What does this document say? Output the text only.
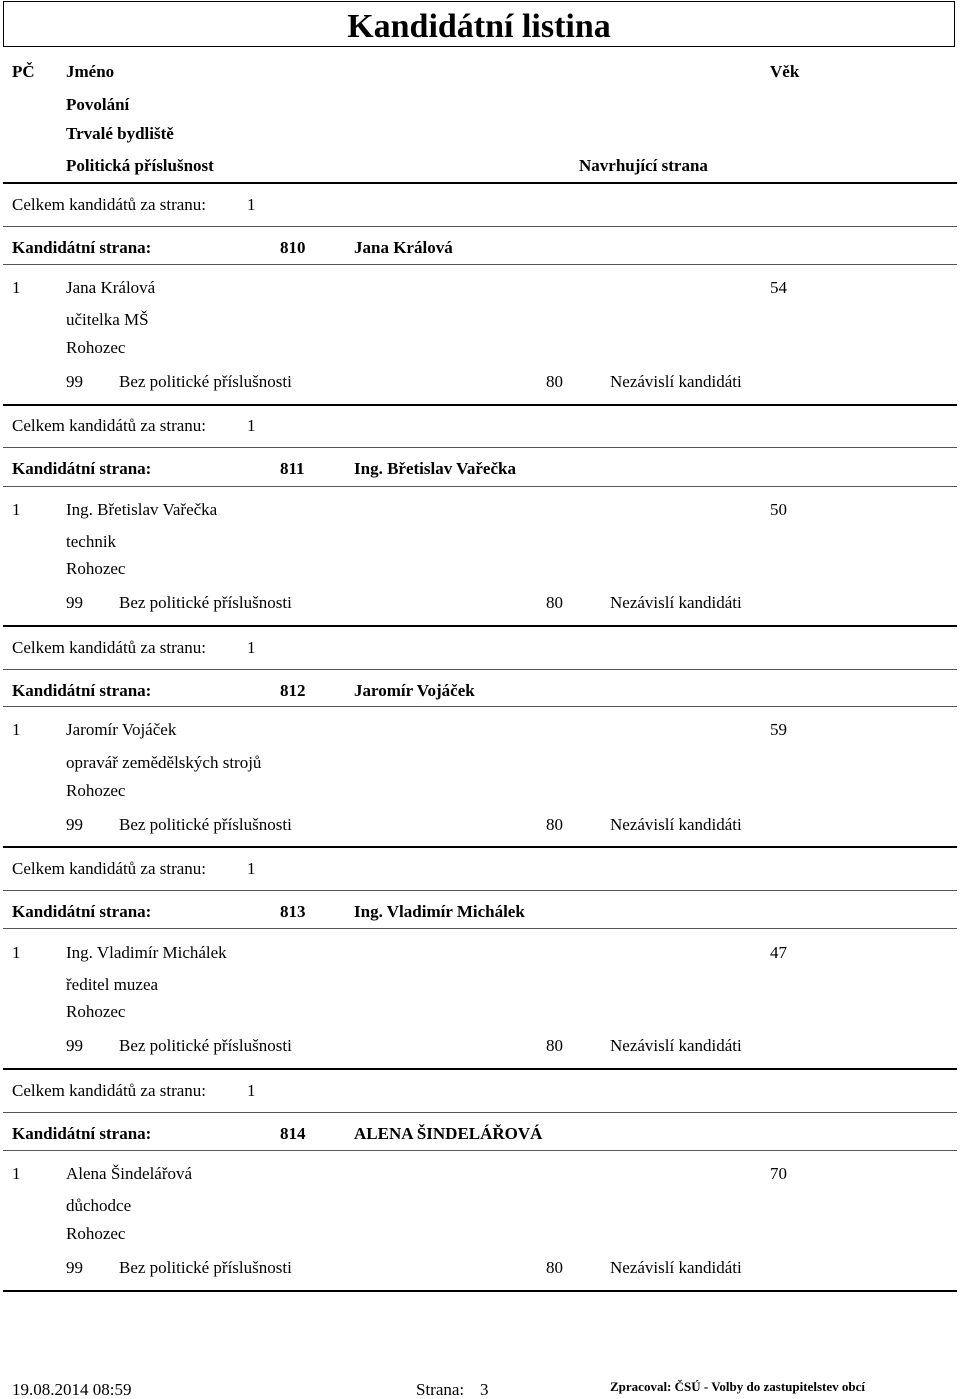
Kandidátní listina
PČ Jméno	Věk
Povolání
Trvalé bydliště
Politická příslušnost	Navrhující strana
Celkem kandidátů za stranu: 1
Kandidátní strana:	810	Jana Králová
1	Jana Králová	54
učitelka MŠ
Rohozec
99 Bez politické příslušnosti	80	Nezávislí kandidáti
Celkem kandidátů za stranu: 1
Kandidátní strana:	811	Ing. Břetislav Vařečka
1	Ing. Břetislav Vařečka	50
technik
Rohozec
99 Bez politické příslušnosti	80	Nezávislí kandidáti
Celkem kandidátů za stranu: 1
Kandidátní strana:	812	Jaromír Vojáček
1	Jaromír Vojáček	59
opravář zemědělských strojů
Rohozec
99 Bez politické příslušnosti	80	Nezávislí kandidáti
Celkem kandidátů za stranu: 1
Kandidátní strana:	813	Ing. Vladimír Michálek
1	Ing. Vladimír Michálek	47
ředitel muzea
Rohozec
99 Bez politické příslušnosti	80	Nezávislí kandidáti
Celkem kandidátů za stranu: 1
Kandidátní strana:	814	ALENA ŠINDELÁŘOVÁ
1	Alena Šindelářová	70
důchodce
Rohozec
99 Bez politické příslušnosti	80	Nezávislí kandidáti
19.08.2014 08:59	Strana: 3	Zpracoval: ČSÚ - Volby do zastupitelstev obcí
